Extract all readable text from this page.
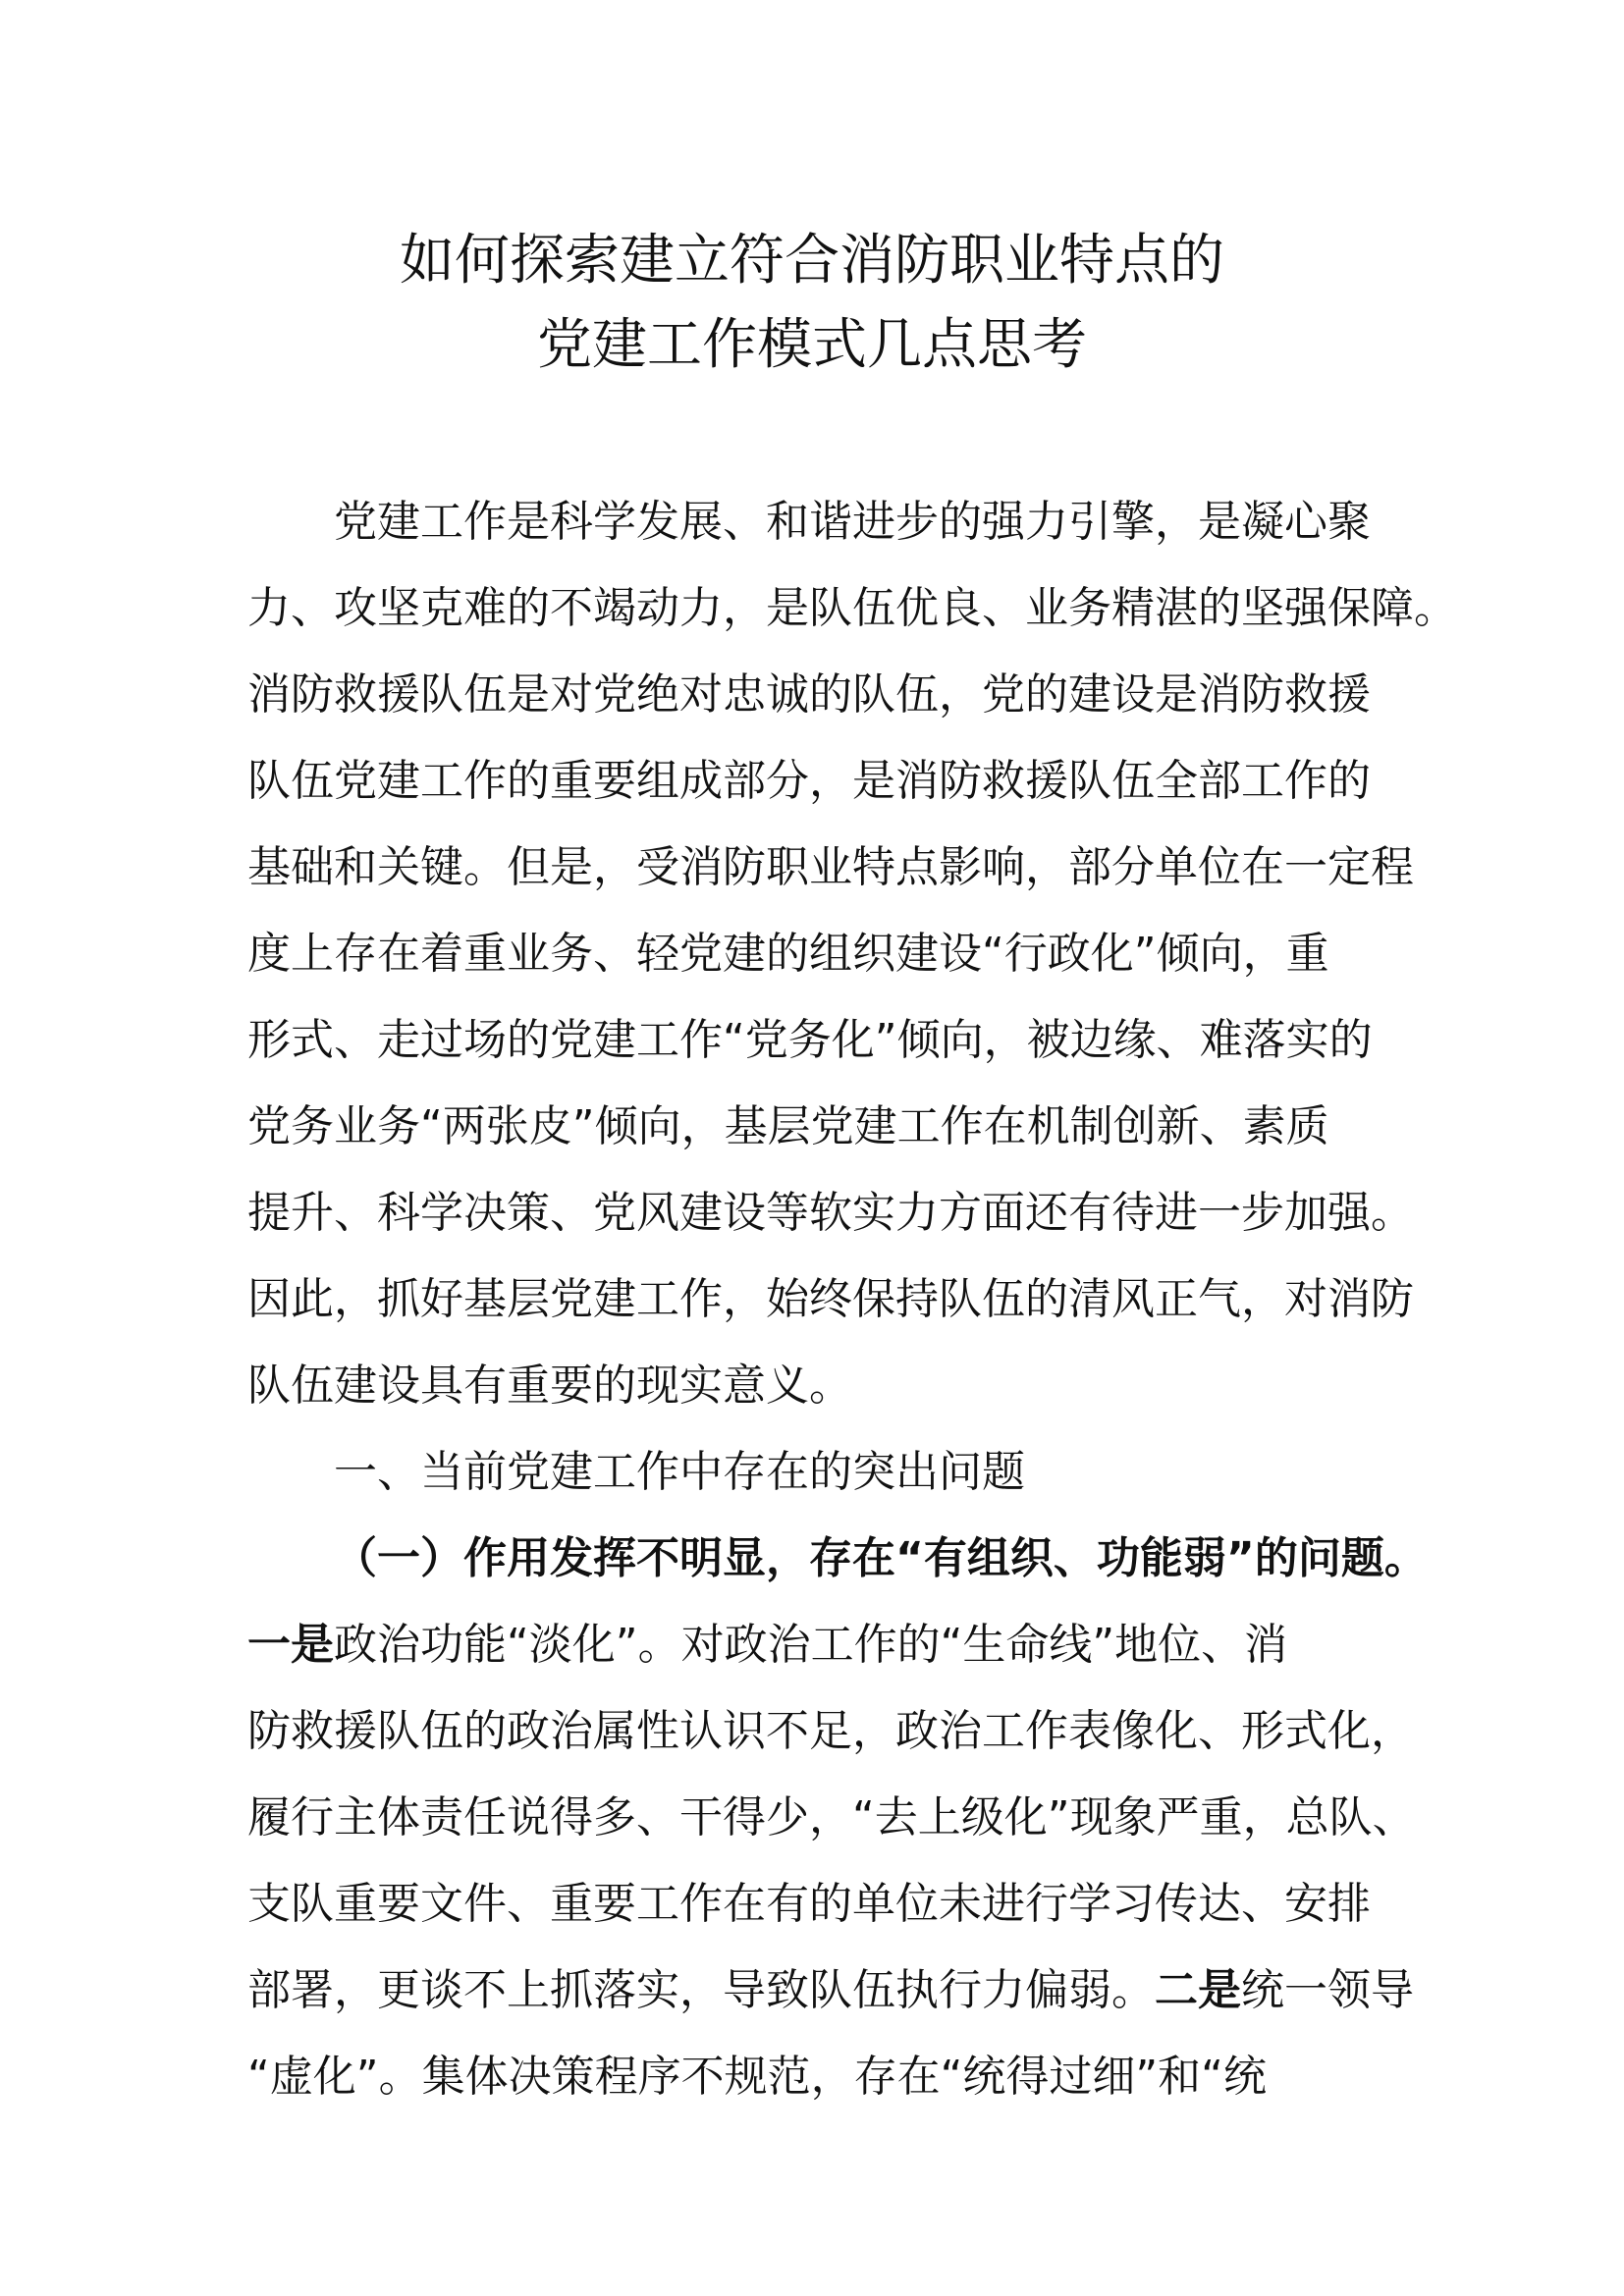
如何探索建立符合消防职业特点的
党建工作模式几点思考
党建工作是科学发展、和谐进步的强力引擎，是凝心聚
力、攻坚克难的不竭动力，是队伍优良、业务精湛的坚强保障。
消防救援队伍是对党绝对忠诚的队伍，党的建设是消防救援
队伍党建工作的重要组成部分，是消防救援队伍全部工作的
基础和关键。但是，受消防职业特点影响，部分单位在一定程
度上存在着重业务、轻党建的组织建设“行政化”倾向，重
形式、走过场的党建工作“党务化”倾向，被边缘、难落实的
党务业务“两张皮”倾向，基层党建工作在机制创新、素质
提升、科学决策、党风建设等软实力方面还有待进一步加强。
因此，抓好基层党建工作，始终保持队伍的清风正气，对消防
队伍建设具有重要的现实意义。
一、当前党建工作中存在的突出问题
（一）作用发挥不明显，存在“有组织、功能弱”的问题。
一是政治功能“淡化”。对政治工作的“生命线”地位、消
防救援队伍的政治属性认识不足，政治工作表像化、形式化，
履行主体责任说得多、干得少，“去上级化”现象严重，总队、
支队重要文件、重要工作在有的单位未进行学习传达、安排
部署，更谈不上抓落实，导致队伍执行力偏弱。二是统一领导
“虚化”。集体决策程序不规范，存在“统得过细”和“统
